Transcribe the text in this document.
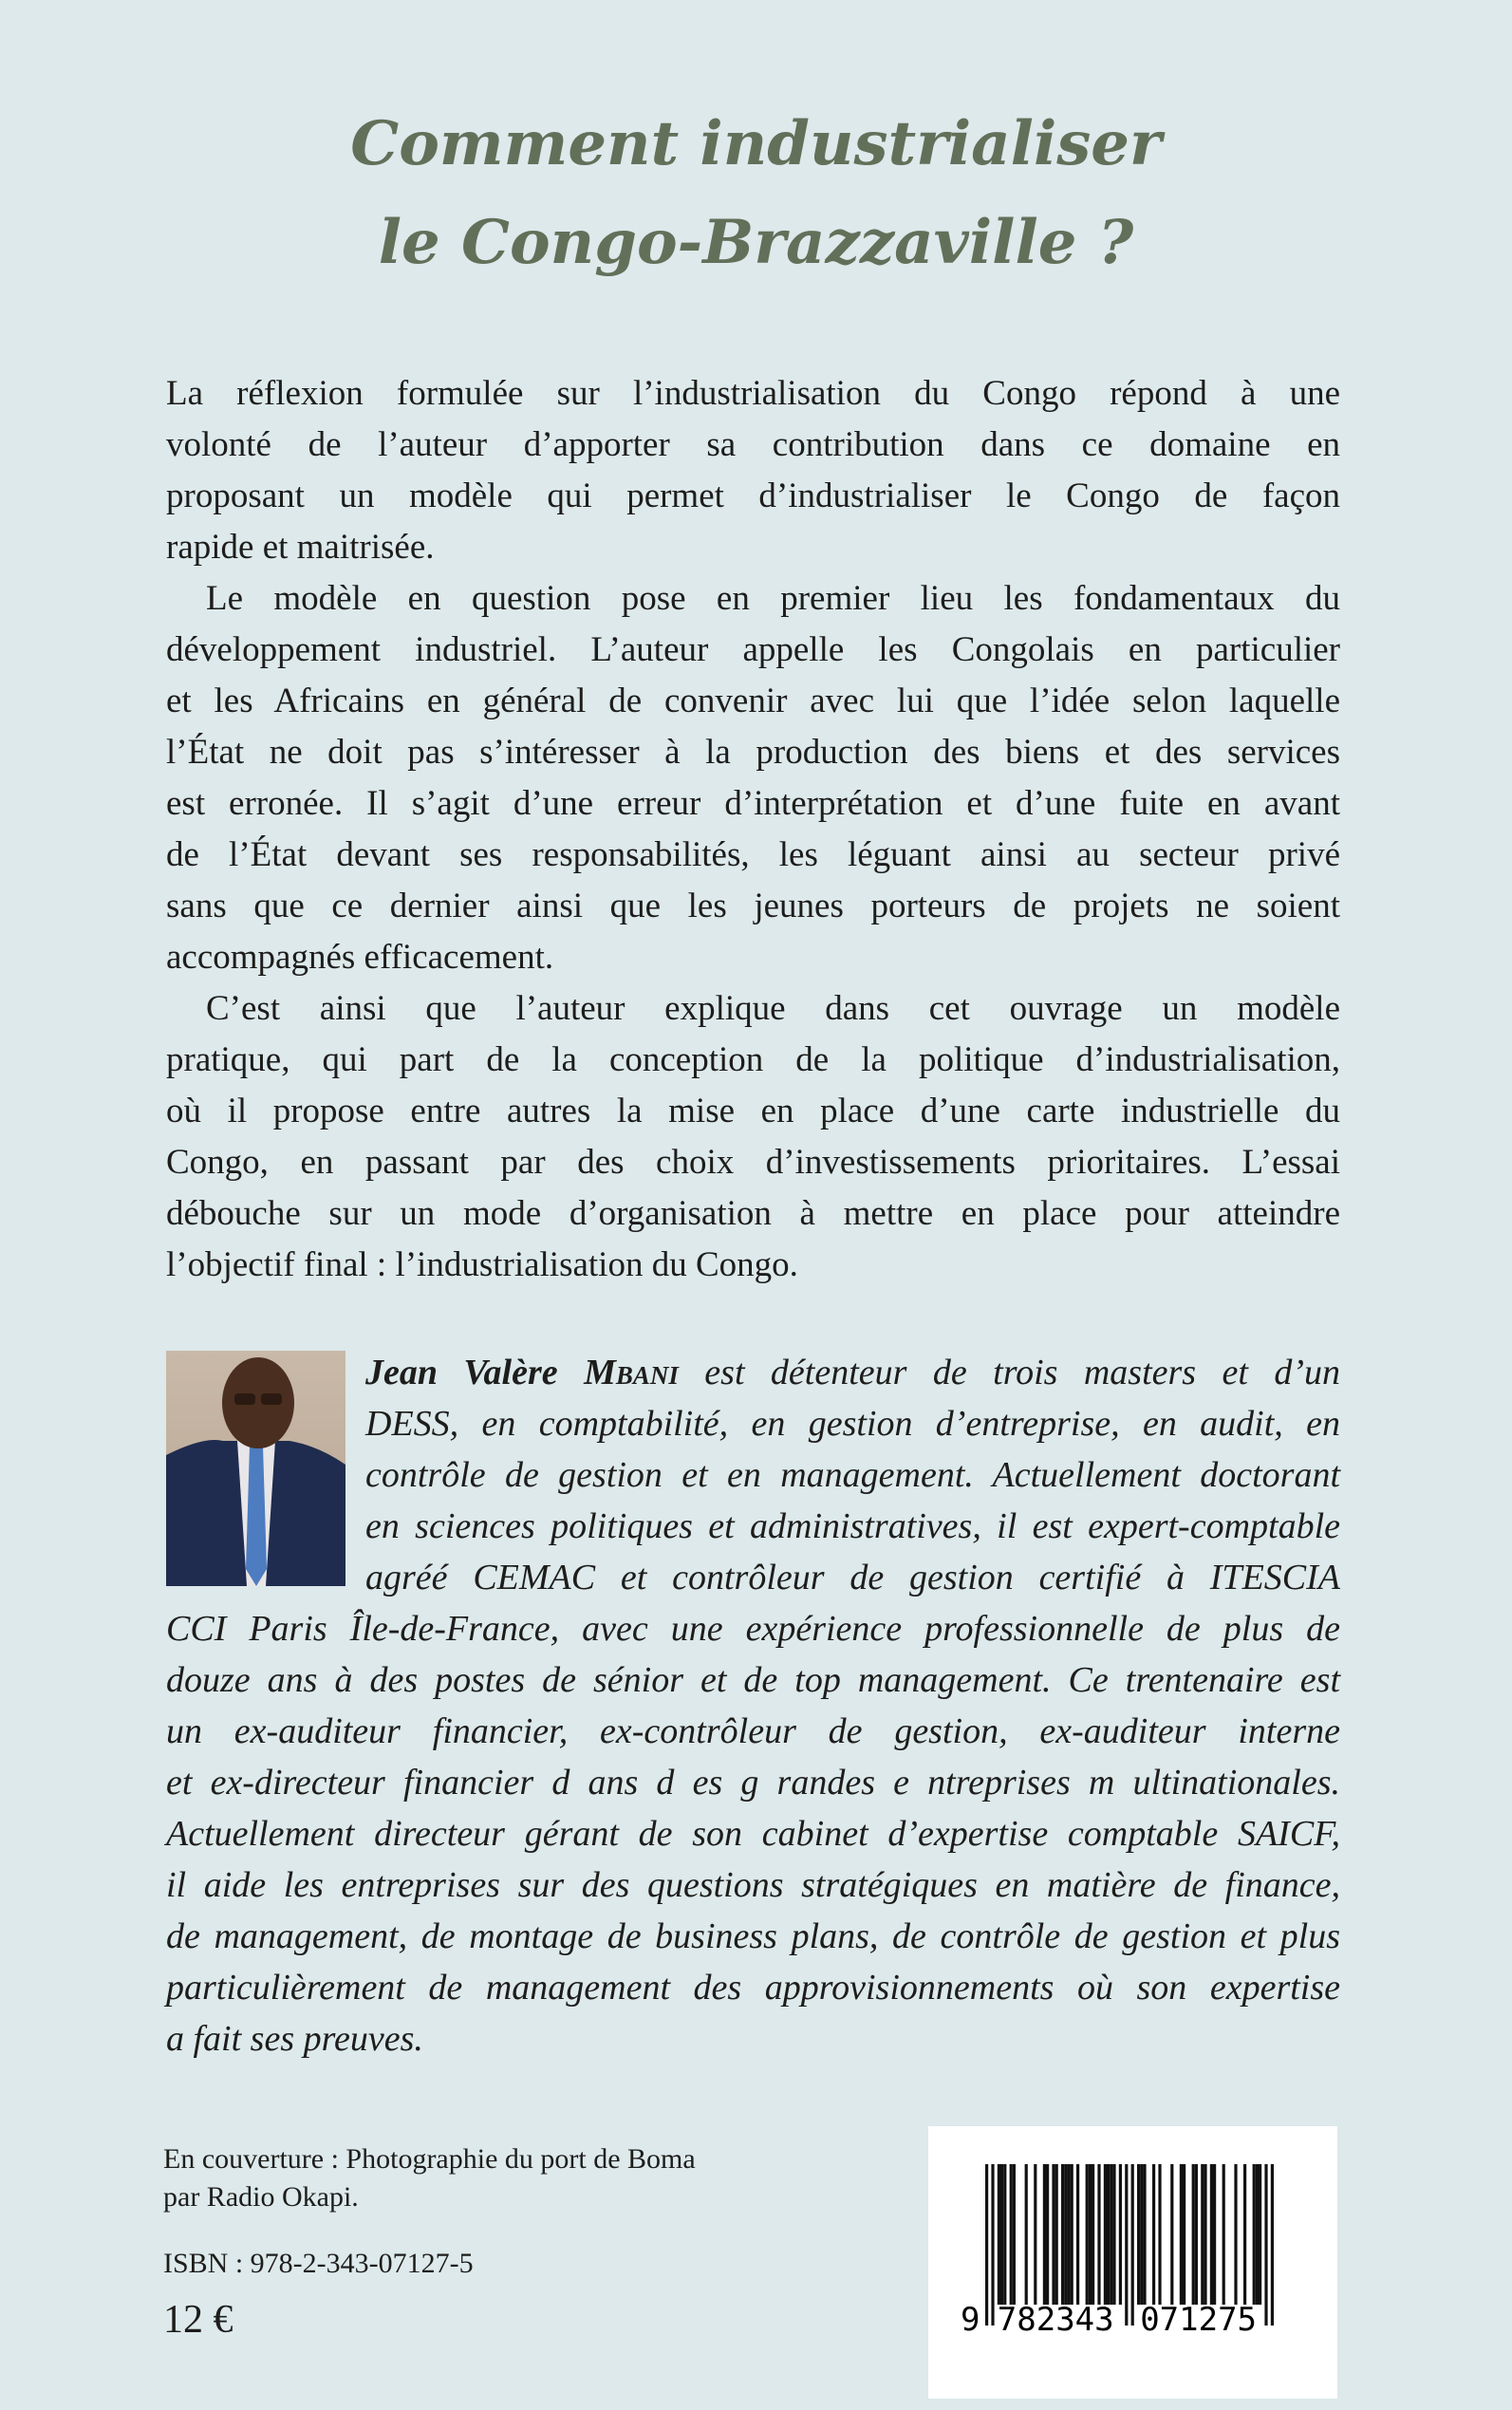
Comment industrialiser
le Congo-Brazzaville ?
La réflexion formulée sur l’industrialisation du Congo répond à une
volonté de l’auteur d’apporter sa contribution dans ce domaine en
proposant un modèle qui permet d’industrialiser le Congo de façon
rapide et maitrisée.
Le modèle en question pose en premier lieu les fondamentaux du
développement industriel. L’auteur appelle les Congolais en particulier
et les Africains en général de convenir avec lui que l’idée selon laquelle
l’État ne doit pas s’intéresser à la production des biens et des services
est erronée. Il s’agit d’une erreur d’interprétation et d’une fuite en avant
de l’État devant ses responsabilités, les léguant ainsi au secteur privé
sans que ce dernier ainsi que les jeunes porteurs de projets ne soient
accompagnés efficacement.
C’est ainsi que l’auteur explique dans cet ouvrage un modèle
pratique, qui part de la conception de la politique d’industrialisation,
où il propose entre autres la mise en place d’une carte industrielle du
Congo, en passant par des choix d’investissements prioritaires. L’essai
débouche sur un mode d’organisation à mettre en place pour atteindre
l’objectif final : l’industrialisation du Congo.
Jean Valère Mbani est détenteur de trois masters et d’un
DESS, en comptabilité, en gestion d’entreprise, en audit, en
contrôle de gestion et en management. Actuellement doctorant
en sciences politiques et administratives, il est expert-comptable
agréé CEMAC et contrôleur de gestion certifié à ITESCIA
CCI Paris Île-de-France, avec une expérience professionnelle de plus de
douze ans à des postes de sénior et de top management. Ce trentenaire est
un ex-auditeur financier, ex-contrôleur de gestion, ex-auditeur interne
et ex-directeur financier d ans d es g randes e ntreprises m ultinationales.
Actuellement directeur gérant de son cabinet d’expertise comptable SAICF,
il aide les entreprises sur des questions stratégiques en matière de finance,
de management, de montage de business plans, de contrôle de gestion et plus
particulièrement de management des approvisionnements où son expertise
a fait ses preuves.
En couverture : Photographie du port de Boma
par Radio Okapi.
ISBN : 978-2-343-07127-5
12 €	9 782343 071275
